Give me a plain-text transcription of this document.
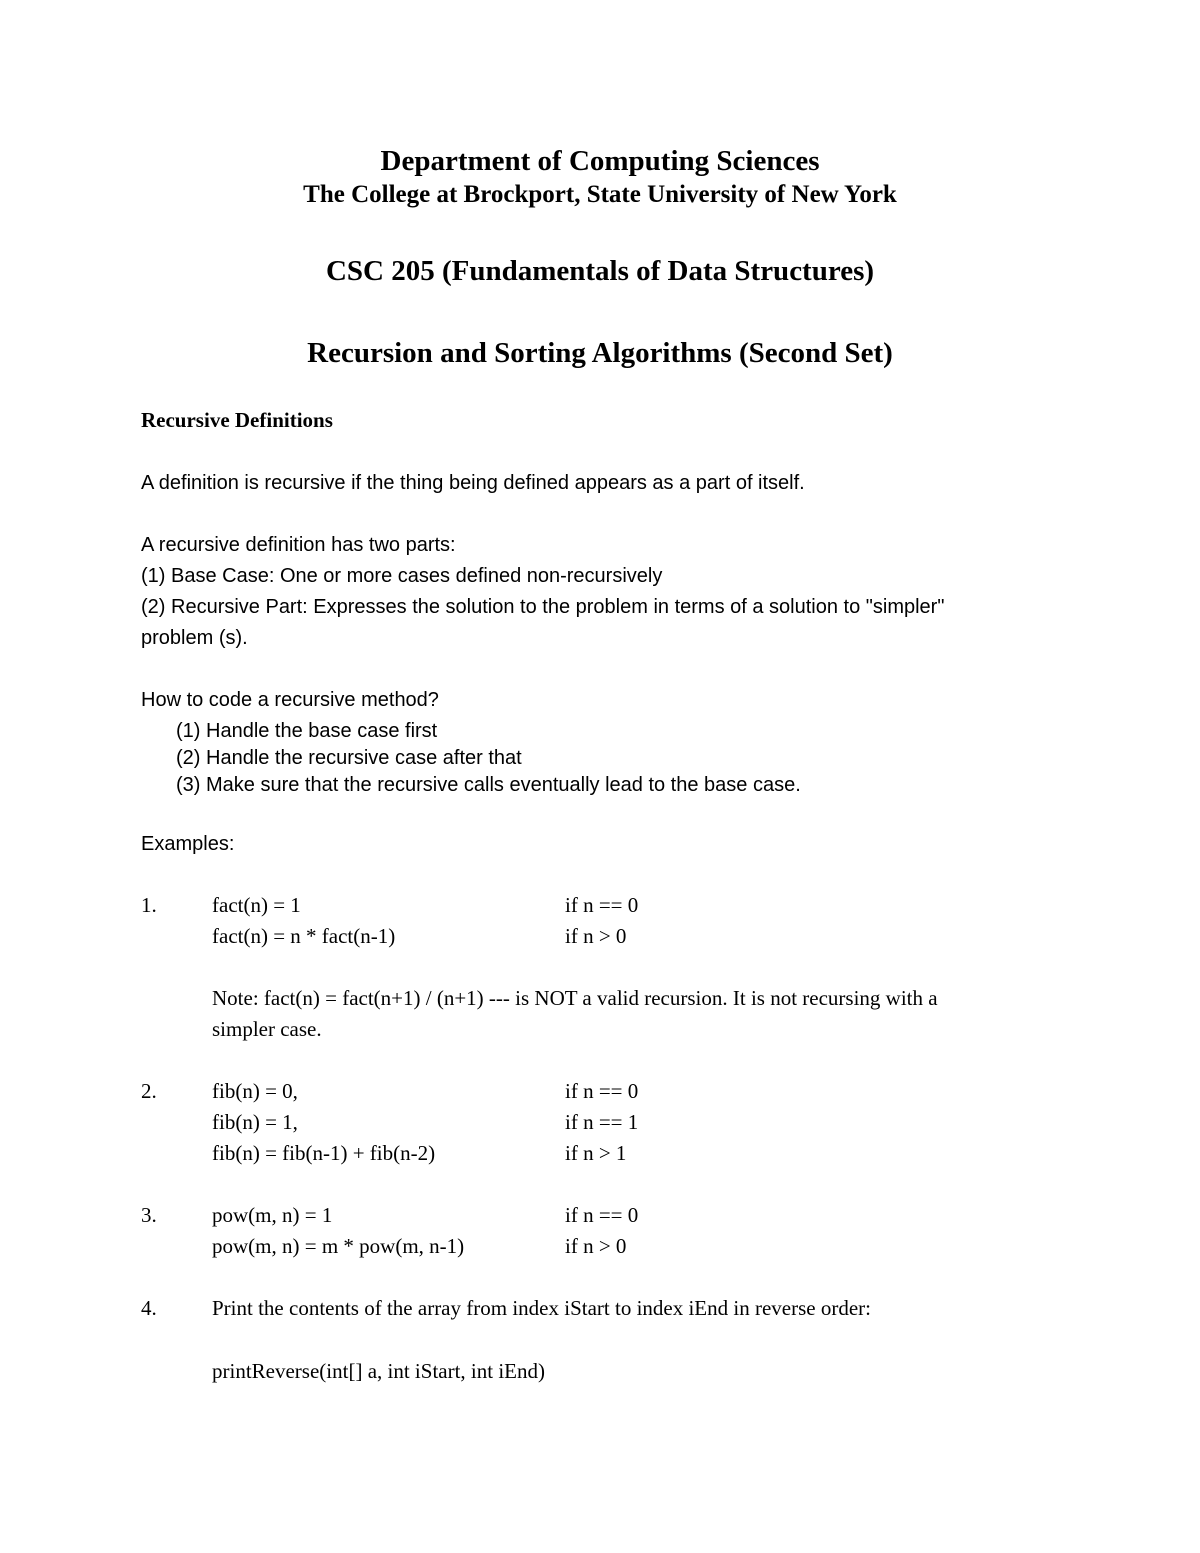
Department of Computing Sciences
The College at Brockport, State University of New York
CSC 205 (Fundamentals of Data Structures)
Recursion and Sorting Algorithms (Second Set)
Recursive Definitions
A definition is recursive if the thing being defined appears as a part of itself.
A recursive definition has two parts:
(1) Base Case: One or more cases defined non-recursively
(2) Recursive Part: Expresses the solution to the problem in terms of a solution to "simpler"
problem (s).
How to code a recursive method?
(1) Handle the base case first
(2) Handle the recursive case after that
(3) Make sure that the recursive calls eventually lead to the base case.
Examples:
1.	fact(n) = 1	if n == 0
fact(n) = n * fact(n-1)	if n > 0
Note: fact(n) = fact(n+1) / (n+1) --- is NOT a valid recursion. It is not recursing with a
simpler case.
2.	fib(n) = 0,	if n == 0
fib(n) = 1,	if n == 1
fib(n) = fib(n-1) + fib(n-2)	if n > 1
3.	pow(m, n) = 1	if n == 0
pow(m, n) = m * pow(m, n-1)	if n > 0
4.	Print the contents of the array from index iStart to index iEnd in reverse order:
printReverse(int[] a, int iStart, int iEnd)
